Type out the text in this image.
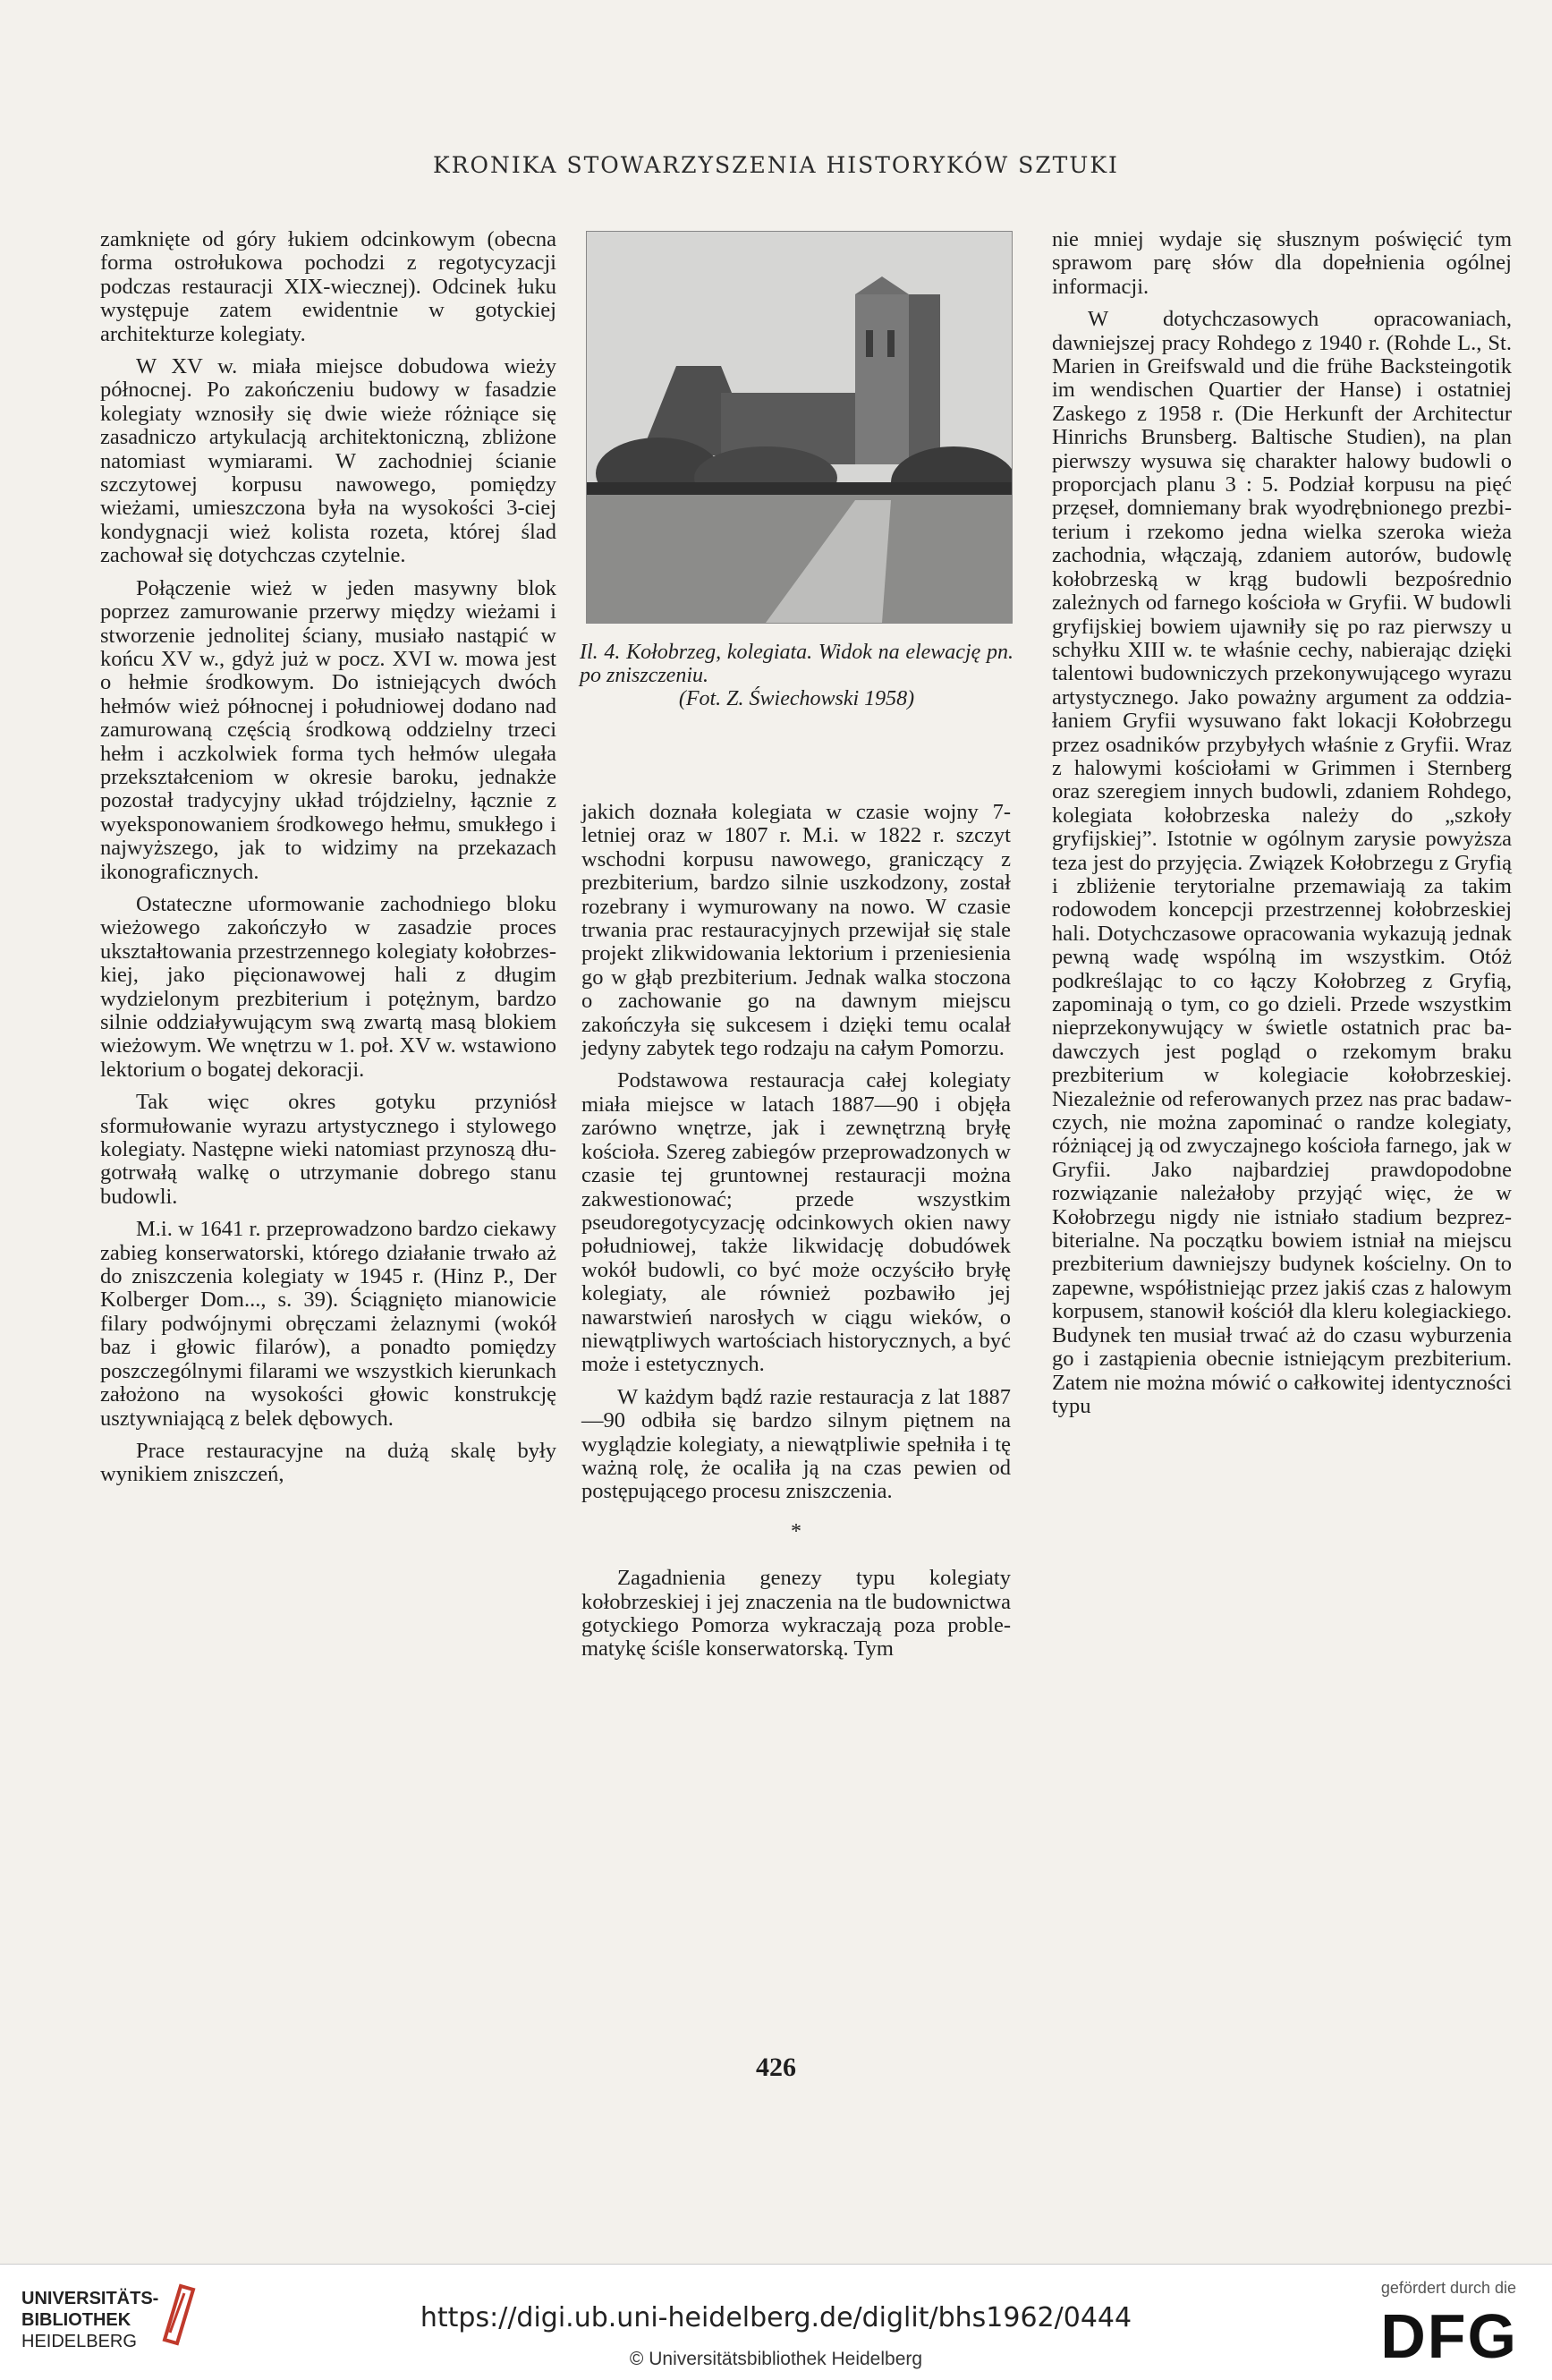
KRONIKA STOWARZYSZENIA HISTORYKÓW SZTUKI

zamknięte od góry łukiem odcinkowym (obecna forma ostrołukowa pochodzi z regotycyzacji podczas restauracji XIX-wiecznej). Odcinek łuku występuje zatem ewidentnie w gotyckiej architekturze kolegiaty.

W XV w. miała miejsce dobudowa wieży północnej. Po zakończeniu budowy w fasadzie kolegiaty wznosiły się dwie wieże różniące się zasadniczo artykulacją architektoniczną, zbliżone natomiast wymiarami. W zachodniej ścianie szczytowej korpusu nawowego, pomiędzy wieżami, umieszczona była na wysokości 3-ciej kondygnacji wież kolista rozeta, której ślad zachował się dotychczas czytelnie.

Połączenie wież w jeden masywny blok poprzez zamurowanie przerwy między wieżami i stworzenie jednolitej ściany, musiało nastąpić w końcu XV w., gdyż już w pocz. XVI w. mowa jest o hełmie środkowym. Do istniejących dwóch hełmów wież północnej i południowej dodano nad zamurowaną częścią środkową oddzielny trzeci hełm i aczkolwiek forma tych hełmów ulegała przekształceniom w okresie baroku, jednakże pozostał tradycyjny układ trójdzielny, łącznie z wyeksponowaniem środkowego hełmu, smukłego i najwyższego, jak to widzimy na przekazach ikonograficznych.

Ostateczne uformowanie zachodniego bloku wieżowego zakończyło w zasadzie proces ukształtowania przestrzennego kolegiaty kołobrzeskiej, jako pięcionawowej hali z długim wydzielonym prezbiterium i potężnym, bardzo silnie oddziaływującym swą zwartą masą blokiem wieżowym. We wnętrzu w 1. poł. XV w. wstawiono lektorium o bogatej dekoracji.

Tak więc okres gotyku przyniósł sformułowanie wyrazu artystycznego i stylowego kolegiaty. Następne wieki natomiast przynoszą długotrwałą walkę o utrzymanie dobrego stanu budowli.

M.i. w 1641 r. przeprowadzono bardzo ciekawy zabieg konserwatorski, którego działanie trwało aż do zniszczenia kolegiaty w 1945 r. (Hinz P., Der Kolberger Dom..., s. 39). Ściągnięto mianowicie filary podwójnymi obręczami żelaznymi (wokół baz i głowic filarów), a ponadto pomiędzy poszczególnymi filarami we wszystkich kierunkach założono na wysokości głowic konstrukcję usztywniającą z belek dębowych.

Prace restauracyjne na dużą skalę były wynikiem zniszczeń,

Il. 4. Kołobrzeg, kolegiata. Widok na elewację pn. po zniszczeniu.
(Fot. Z. Świechowski 1958)

jakich doznała kolegiata w czasie wojny 7-letniej oraz w 1807 r. M.i. w 1822 r. szczyt wschodni korpusu nawowego, graniczący z prezbiterium, bardzo silnie uszkodzony, został rozebrany i wymurowany na nowo. W czasie trwania prac restauracyjnych przewijał się stale projekt zlikwidowania lektorium i przeniesienia go w głąb prezbiterium. Jednak walka stoczona o zachowanie go na dawnym miejscu zakończyła się sukcesem i dzięki temu ocalał jedyny zabytek tego rodzaju na całym Pomorzu.

Podstawowa restauracja całej kolegiaty miała miejsce w latach 1887—90 i objęła zarówno wnętrze, jak i zewnętrzną bryłę kościoła. Szereg zabiegów przeprowadzonych w czasie tej gruntownej restauracji można zakwestionować; przede wszystkim pseudoregotycyzację odcinkowych okien nawy południowej, także likwidację dobudówek wokół budowli, co być może oczyściło bryłę kolegiaty, ale również pozbawiło jej nawarstwień narosłych w ciągu wieków, o niewątpliwych wartościach historycznych, a być może i estetycznych.

W każdym bądź razie restauracja z lat 1887—90 odbiła się bardzo silnym piętnem na wyglądzie kolegiaty, a niewątpliwie spełniła i tę ważną rolę, że ocaliła ją na czas pewien od postępującego procesu zniszczenia.

*

Zagadnienia genezy typu kolegiaty kołobrzeskiej i jej znaczenia na tle budownictwa gotyckiego Pomorza wykraczają poza problematykę ściśle konserwatorską. Tym

nie mniej wydaje się słusznym poświęcić tym sprawom parę słów dla dopełnienia ogólnej informacji.

W dotychczasowych opracowaniach, dawniejszej pracy Rohdego z 1940 r. (Rohde L., St. Marien in Greifswald und die frühe Backsteingotik im wendischen Quartier der Hanse) i ostatniej Zaskego z 1958 r. (Die Herkunft der Architectur Hinrichs Brunsberg. Baltische Studien), na plan pierwszy wysuwa się charakter halowy budowli o proporcjach planu 3 : 5. Podział korpusu na pięć przęseł, domniemany brak wyodrębnionego prezbiterium i rzekomo jedna wielka szeroka wieża zachodnia, włączają, zdaniem autorów, budowlę kołobrzeską w krąg budowli bezpośrednio zależnych od farnego kościoła w Gryfii. W budowli gryfijskiej bowiem ujawniły się po raz pierwszy u schyłku XIII w. te właśnie cechy, nabierając dzięki talentowi budowniczych przekonywującego wyrazu artystycznego. Jako poważny argument za oddziałaniem Gryfii wysuwano fakt lokacji Kołobrzegu przez osadników przybyłych właśnie z Gryfii. Wraz z halowymi kościołami w Grimmen i Sternberg oraz szeregiem innych budowli, zdaniem Rohdego, kolegiata kołobrzeska należy do „szkoły gryfijskiej”. Istotnie w ogólnym zarysie powyższa teza jest do przyjęcia. Związek Kołobrzegu z Gryfią i zbliżenie terytorialne przemawiają za takim rodowodem koncepcji przestrzennej kołobrzeskiej hali. Dotychczasowe opracowania wykazują jednak pewną wadę wspólną im wszystkim. Otóż podkreślając to co łączy Kołobrzeg z Gryfią, zapominają o tym, co go dzieli. Przede wszystkim nieprzekonywujący w świetle ostatnich prac badawczych jest pogląd o rzekomym braku prezbiterium w kolegiacie kołobrzeskiej. Niezależnie od referowanych przez nas prac badawczych, nie można zapominać o randze kolegiaty, różniącej ją od zwyczajnego kościoła farnego, jak w Gryfii. Jako najbardziej prawdopodobne rozwiązanie należałoby przyjąć więc, że w Kołobrzegu nigdy nie istniało stadium bezprezbiterialne. Na początku bowiem istniał na miejscu prezbiterium dawniejszy budynek kościelny. On to zapewne, współistniejąc przez jakiś czas z halowym korpusem, stanowił kościół dla kleru kolegiackiego. Budynek ten musiał trwać aż do czasu wyburzenia go i zastąpienia obecnie istniejącym prezbiterium. Zatem nie można mówić o całkowitej identyczności typu

426
UNIVERSITÄTS-
BIBLIOTHEK
HEIDELBERG
https://digi.ub.uni-heidelberg.de/diglit/bhs1962/0444
© Universitätsbibliothek Heidelberg
gefördert durch die
DFG
